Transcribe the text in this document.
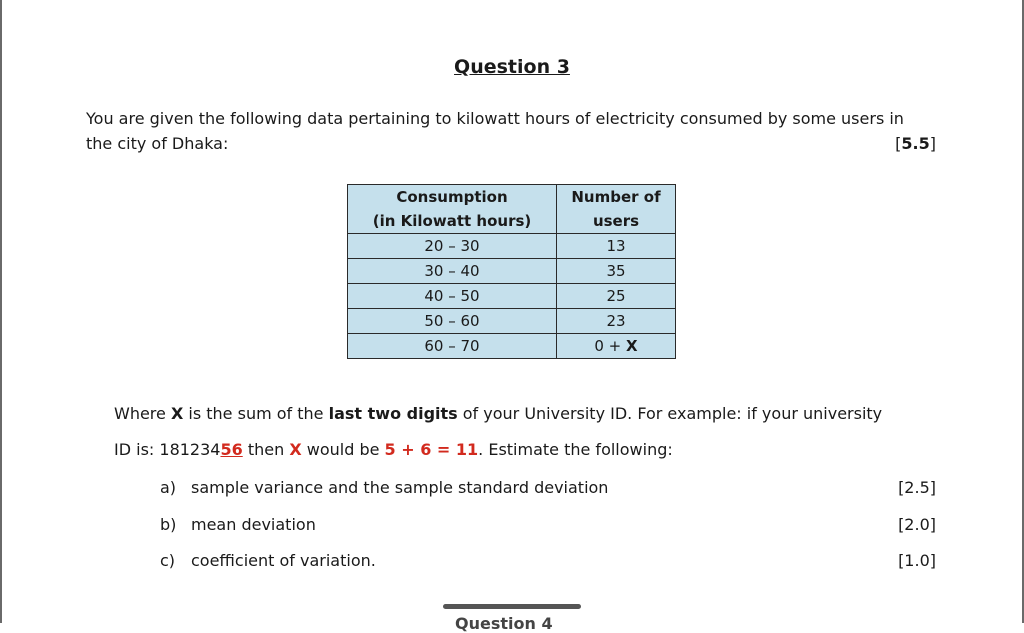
Question 3
You are given the following data pertaining to kilowatt hours of electricity consumed by some users in
the city of Dhaka:	[5.5]
Consumption
(in Kilowatt hours)	Number of
users

20 – 30	13
30 – 40	35
40 – 50	25
50 – 60	23
60 – 70	0 + X
Where X is the sum of the last two digits of your University ID. For example: if your university
ID is: 18123456 then X would be 5 + 6 = 11. Estimate the following:
a) sample variance and the sample standard deviation	[2.5]
b) mean deviation	[2.0]
c) coefficient of variation.	[1.0]
Question 4
